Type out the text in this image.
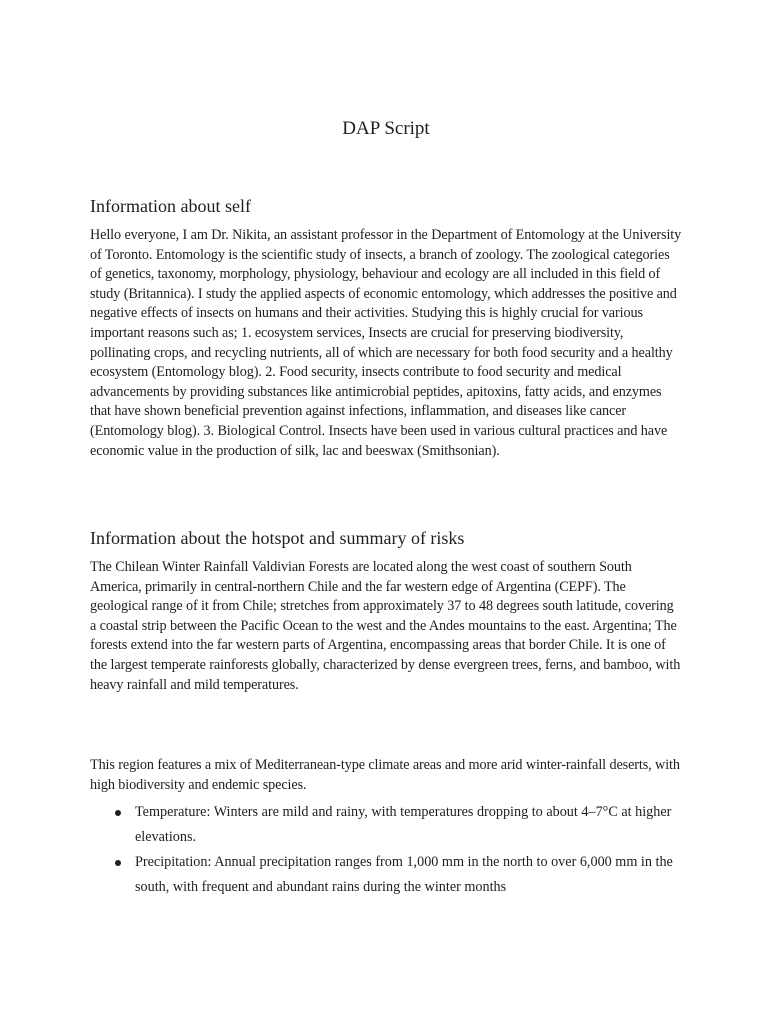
DAP Script
Information about self

Hello everyone, I am Dr. Nikita, an assistant professor in the Department of Entomology at the University of Toronto. Entomology is the scientific study of insects, a branch of zoology. The zoological categories of genetics, taxonomy, morphology, physiology, behaviour and ecology are all included in this field of study (Britannica). I study the applied aspects of economic entomology, which addresses the positive and negative effects of insects on humans and their activities. Studying this is highly crucial for various important reasons such as; 1. ecosystem services, Insects are crucial for preserving biodiversity, pollinating crops, and recycling nutrients, all of which are necessary for both food security and a healthy ecosystem (Entomology blog). 2. Food security, insects contribute to food security and medical advancements by providing substances like antimicrobial peptides, apitoxins, fatty acids, and enzymes that have shown beneficial prevention against infections, inflammation, and diseases like cancer (Entomology blog). 3. Biological Control. Insects have been used in various cultural practices and have economic value in the production of silk, lac and beeswax (Smithsonian).

Information about the hotspot and summary of risks

The Chilean Winter Rainfall Valdivian Forests are located along the west coast of southern South America, primarily in central-northern Chile and the far western edge of Argentina (CEPF). The geological range of it from Chile; stretches from approximately 37 to 48 degrees south latitude, covering a coastal strip between the Pacific Ocean to the west and the Andes mountains to the east. Argentina; The forests extend into the far western parts of Argentina, encompassing areas that border Chile. It is one of the largest temperate rainforests globally, characterized by dense evergreen trees, ferns, and bamboo, with heavy rainfall and mild temperatures.

This region features a mix of Mediterranean-type climate areas and more arid winter-rainfall deserts, with high biodiversity and endemic species.

Temperature: Winters are mild and rainy, with temperatures dropping to about 4–7°C at higher elevations.
Precipitation: Annual precipitation ranges from 1,000 mm in the north to over 6,000 mm in the south, with frequent and abundant rains during the winter months
